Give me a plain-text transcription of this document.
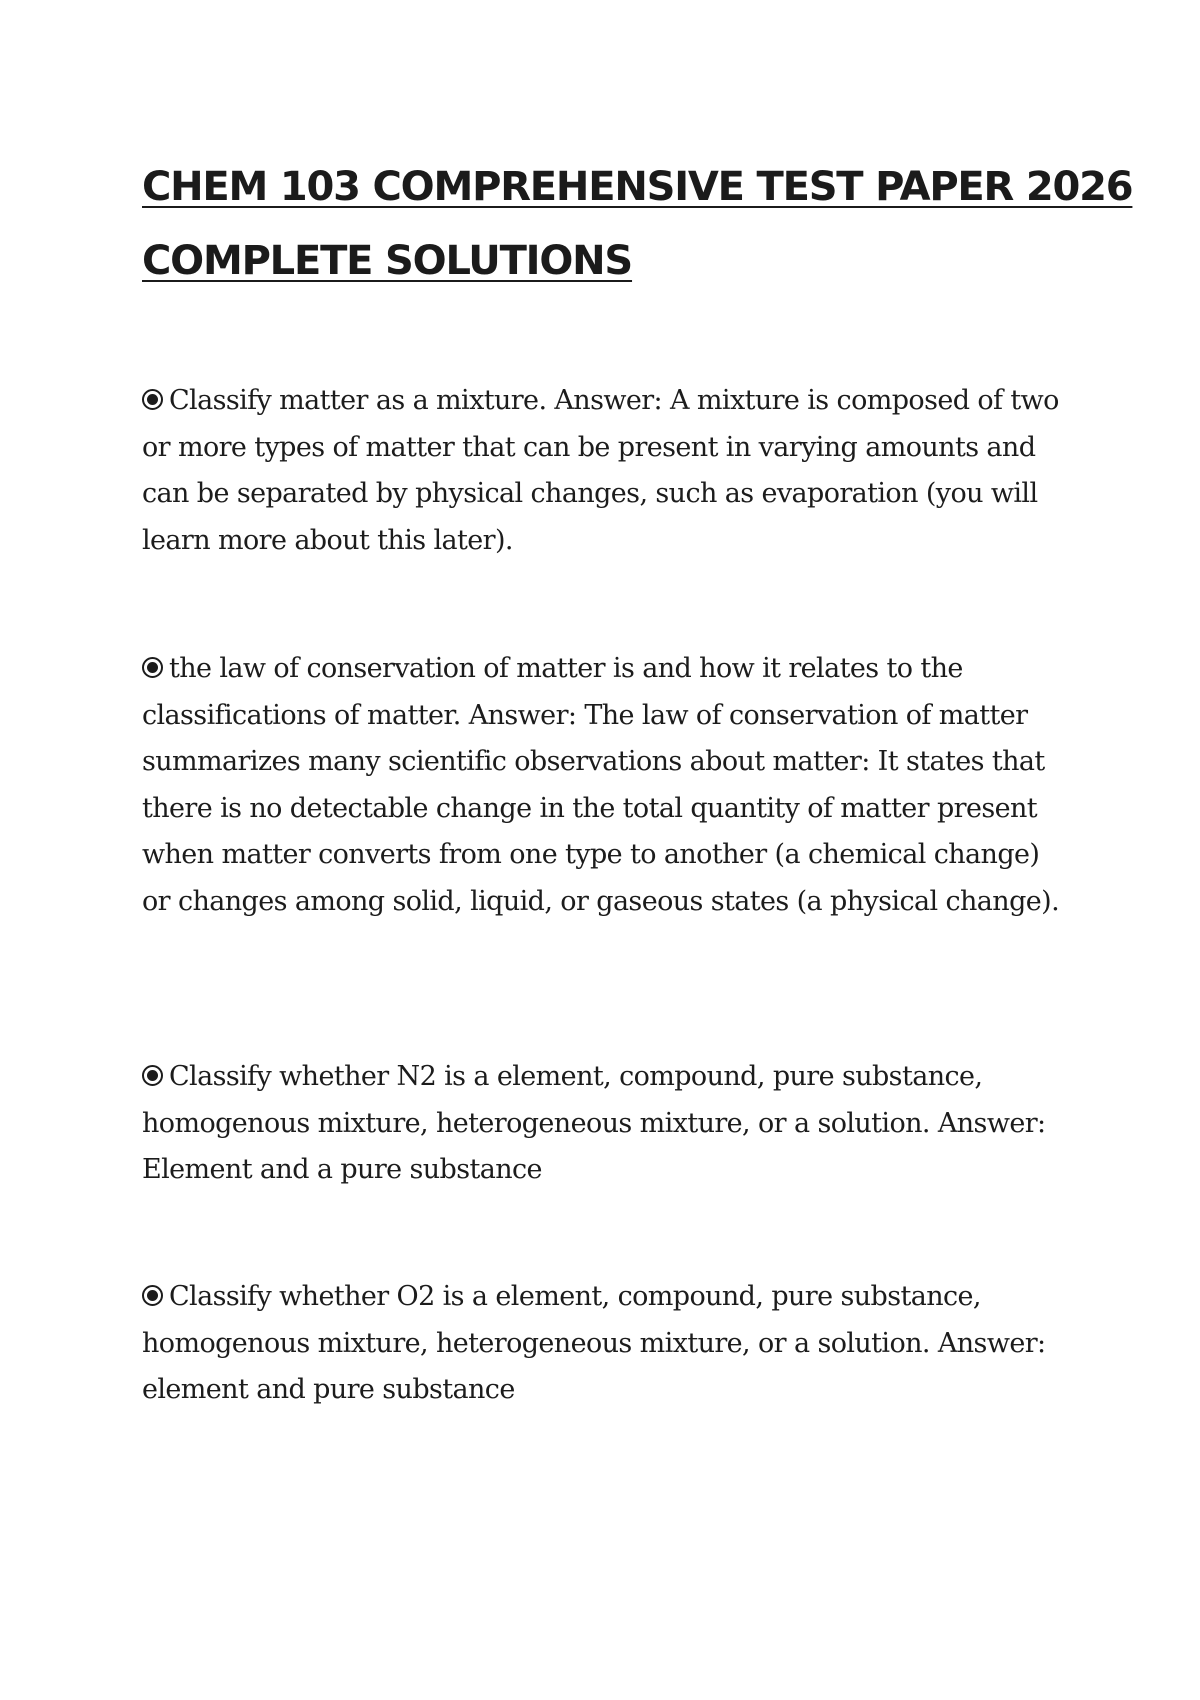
CHEM 103 COMPREHENSIVE TEST PAPER 2026
COMPLETE SOLUTIONS

Classify matter as a mixture. Answer: A mixture is composed of two or more types of matter that can be present in varying amounts and can be separated by physical changes, such as evaporation (you will learn more about this later).

the law of conservation of matter is and how it relates to the classifications of matter. Answer: The law of conservation of matter summarizes many scientific observations about matter: It states that there is no detectable change in the total quantity of matter present when matter converts from one type to another (a chemical change) or changes among solid, liquid, or gaseous states (a physical change).

Classify whether N2 is a element, compound, pure substance, homogenous mixture, heterogeneous mixture, or a solution. Answer: Element and a pure substance

Classify whether O2 is a element, compound, pure substance, homogenous mixture, heterogeneous mixture, or a solution. Answer: element and pure substance
